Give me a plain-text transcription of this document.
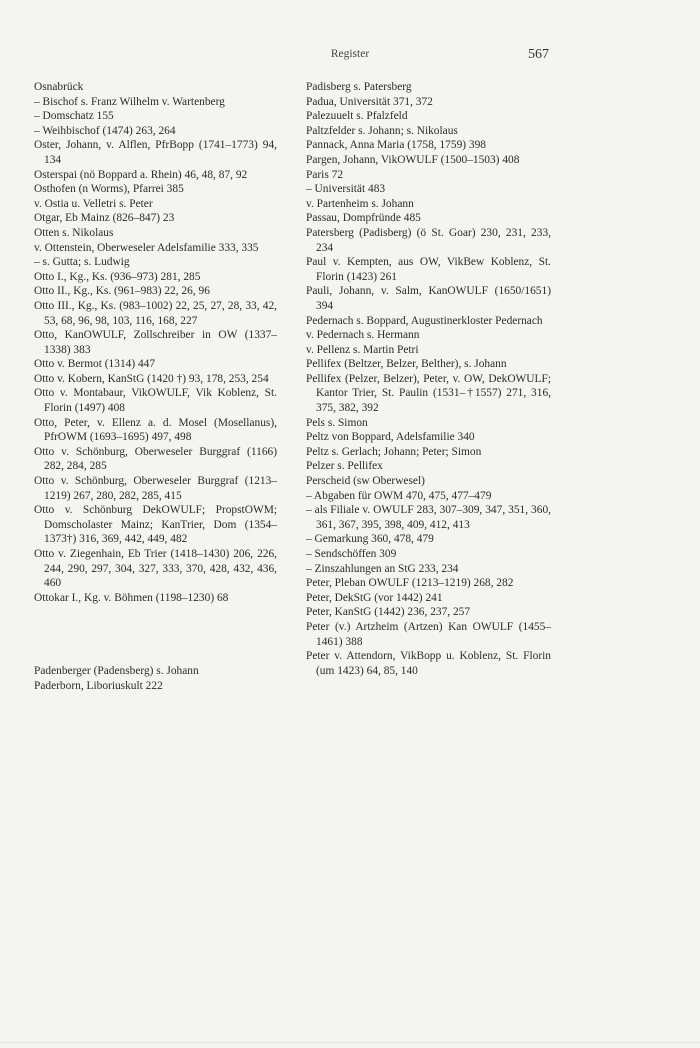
Register	567

Osnabrück

– Bischof s. Franz Wilhelm v. Wartenberg

– Domschatz 155

– Weihbischof (1474) 263, 264

Oster, Johann, v. Alflen, PfrBopp (1741–1773) 94, 134

Osterspai (nö Boppard a. Rhein) 46, 48, 87, 92

Osthofen (n Worms), Pfarrei 385

v. Ostia u. Velletri s. Peter

Otgar, Eb Mainz (826–847) 23

Otten s. Nikolaus

v. Ottenstein, Oberweseler Adelsfamilie 333, 335

– s. Gutta; s. Ludwig

Otto I., Kg., Ks. (936–973) 281, 285

Otto II., Kg., Ks. (961–983) 22, 26, 96

Otto III., Kg., Ks. (983–1002) 22, 25, 27, 28, 33, 42, 53, 68, 96, 98, 103, 116, 168, 227

Otto, KanOWULF, Zollschreiber in OW (1337–1338) 383

Otto v. Bermot (1314) 447

Otto v. Kobern, KanStG (1420 †) 93, 178, 253, 254

Otto v. Montabaur, VikOWULF, Vik Koblenz, St. Florin (1497) 408

Otto, Peter, v. Ellenz a. d. Mosel (Mosellanus), PfrOWM (1693–1695) 497, 498

Otto v. Schönburg, Oberweseler Burggraf (1166) 282, 284, 285

Otto v. Schönburg, Oberweseler Burggraf (1213–1219) 267, 280, 282, 285, 415

Otto v. Schönburg DekOWULF; PropstOWM; Domscholaster Mainz; KanTrier, Dom (1354–1373†) 316, 369, 442, 449, 482

Otto v. Ziegenhain, Eb Trier (1418–1430) 206, 226, 244, 290, 297, 304, 327, 333, 370, 428, 432, 436, 460

Ottokar I., Kg. v. Böhmen (1198–1230) 68

Padenberger (Padensberg) s. Johann

Paderborn, Liboriuskult 222

Padisberg s. Patersberg

Padua, Universität 371, 372

Palezuuelt s. Pfalzfeld

Paltzfelder s. Johann; s. Nikolaus

Pannack, Anna Maria (1758, 1759) 398

Pargen, Johann, VikOWULF (1500–1503) 408

Paris 72

– Universität 483

v. Partenheim s. Johann

Passau, Dompfründe 485

Patersberg (Padisberg) (ö St. Goar) 230, 231, 233, 234

Paul v. Kempten, aus OW, VikBew Koblenz, St. Florin (1423) 261

Pauli, Johann, v. Salm, KanOWULF (1650/1651) 394

Pedernach s. Boppard, Augustinerkloster Pedernach

v. Pedernach s. Hermann

v. Pellenz s. Martin Petri

Pellifex (Beltzer, Belzer, Belther), s. Johann

Pellifex (Pelzer, Belzer), Peter, v. OW, DekOWULF; Kantor Trier, St. Paulin (1531–†1557) 271, 316, 375, 382, 392

Pels s. Simon

Peltz von Boppard, Adelsfamilie 340

Peltz s. Gerlach; Johann; Peter; Simon

Pelzer s. Pellifex

Perscheid (sw Oberwesel)

– Abgaben für OWM 470, 475, 477–479

– als Filiale v. OWULF 283, 307–309, 347, 351, 360, 361, 367, 395, 398, 409, 412, 413

– Gemarkung 360, 478, 479

– Sendschöffen 309

– Zinszahlungen an StG 233, 234

Peter, Pleban OWULF (1213–1219) 268, 282

Peter, DekStG (vor 1442) 241

Peter, KanStG (1442) 236, 237, 257

Peter (v.) Artzheim (Artzen) Kan OWULF (1455–1461) 388

Peter v. Attendorn, VikBopp u. Koblenz, St. Florin (um 1423) 64, 85, 140
